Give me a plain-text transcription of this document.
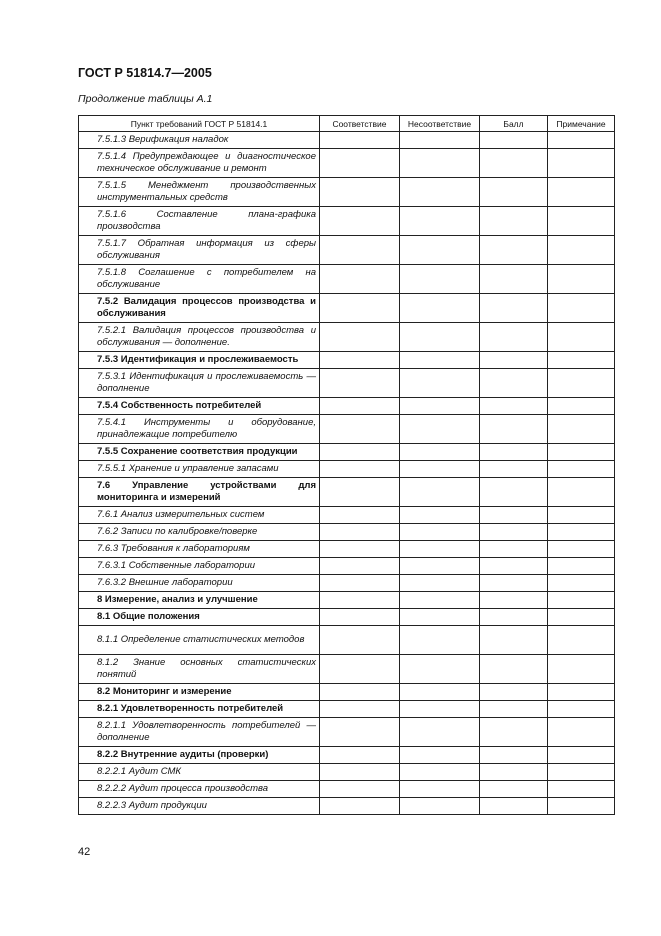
ГОСТ Р 51814.7—2005
Продолжение таблицы А.1
Пункт требований ГОСТ Р 51814.1	Соответствие	Несоответствие	Балл	Примечание
7.5.1.3 Верификация наладок				
7.5.1.4 Предупреждающее и диагностическое техническое обслуживание и ремонт				
7.5.1.5 Менеджмент производственных инструментальных средств				
7.5.1.6 Составление плана-графика производства				
7.5.1.7 Обратная информация из сферы обслуживания				
7.5.1.8 Соглашение с потребителем на обслуживание				
7.5.2 Валидация процессов производства и обслуживания				
7.5.2.1 Валидация процессов производства и обслуживания — дополнение.				
7.5.3 Идентификация и прослеживаемость				
7.5.3.1 Идентификация и прослеживаемость — дополнение				
7.5.4 Собственность потребителей				
7.5.4.1 Инструменты и оборудование, принадлежащие потребителю				
7.5.5 Сохранение соответствия продукции				
7.5.5.1 Хранение и управление запасами				
7.6 Управление устройствами для мониторинга и измерений				
7.6.1 Анализ измерительных систем				
7.6.2 Записи по калибровке/поверке				
7.6.3 Требования к лабораториям				
7.6.3.1 Собственные лаборатории				
7.6.3.2 Внешние лаборатории				
8 Измерение, анализ и улучшение				
8.1 Общие положения				
8.1.1 Определение статистических методов				
8.1.2 Знание основных статистических понятий				
8.2 Мониторинг и измерение				
8.2.1 Удовлетворенность потребителей				
8.2.1.1 Удовлетворенность потребителей — дополнение				
8.2.2 Внутренние аудиты (проверки)				
8.2.2.1 Аудит СМК				
8.2.2.2 Аудит процесса производства				
8.2.2.3 Аудит продукции				
42
